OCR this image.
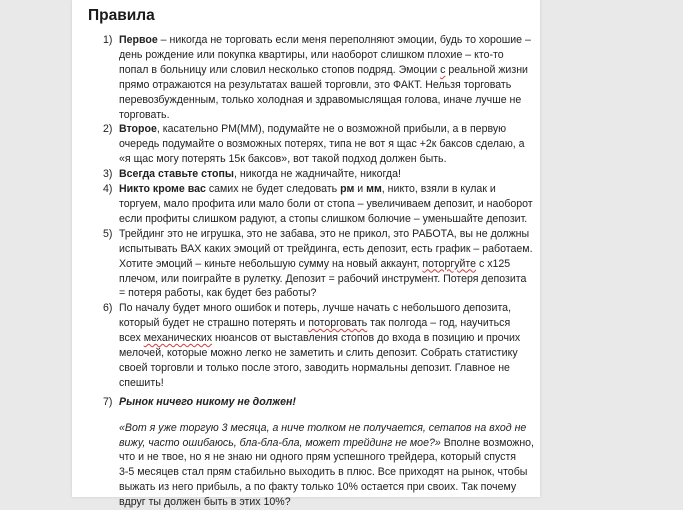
Правила
1) Первое – никогда не торговать если меня переполняют эмоции, будь то хорошие –
день рождение или покупка квартиры, или наоборот слишком плохие – кто-то
попал в больницу или словил несколько стопов подряд. Эмоции с реальной жизни
прямо отражаются на результатах вашей торговли, это ФАКТ. Нельзя торговать
перевозбужденным, только холодная и здравомыслящая голова, иначе лучше не
торговать.
2) Второе, касательно РМ(ММ), подумайте не о возможной прибыли, а в первую
очередь подумайте о возможных потерях, типа не вот я щас +2к баксов сделаю, а
«я щас могу потерять 15к баксов», вот такой подход должен быть.
3) Всегда ставьте стопы, никогда не жадничайте, никогда!
4) Никто кроме вас самих не будет следовать рм и мм, никто, взяли в кулак и
торгуем, мало профита или мало боли от стопа – увеличиваем депозит, и наоборот
если профиты слишком радуют, а стопы слишком болючие – уменьшайте депозит.
5) Трейдинг это не игрушка, это не забава, это не прикол, это РАБОТА, вы не должны
испытывать ВАХ каких эмоций от трейдинга, есть депозит, есть график – работаем.
Хотите эмоций – киньте небольшую сумму на новый аккаунт, поторгуйте с х125
плечом, или поиграйте в рулетку. Депозит = рабочий инструмент. Потеря депозита
= потеря работы, как будет без работы?
6) По началу будет много ошибок и потерь, лучше начать с небольшого депозита,
который будет не страшно потерять и поторговать так полгода – год, научиться
всех механических нюансов от выставления стопов до входа в позицию и прочих
мелочей, которые можно легко не заметить и слить депозит. Собрать статистику
своей торговли и только после этого, заводить нормальны депозит. Главное не
спешить!
7) Рынок ничего никому не должен!
«Вот я уже торгую 3 месяца, а ниче толком не получается, сетапов на вход не
вижу, часто ошибаюсь, бла-бла-бла, может трейдинг не мое?» Вполне возможно,
что и не твое, но я не знаю ни одного прям успешного трейдера, который спустя
3-5 месяцев стал прям стабильно выходить в плюс. Все приходят на рынок, чтобы
выжать из него прибыль, а по факту только 10% остается при своих. Так почему
вдруг ты должен быть в этих 10%?
